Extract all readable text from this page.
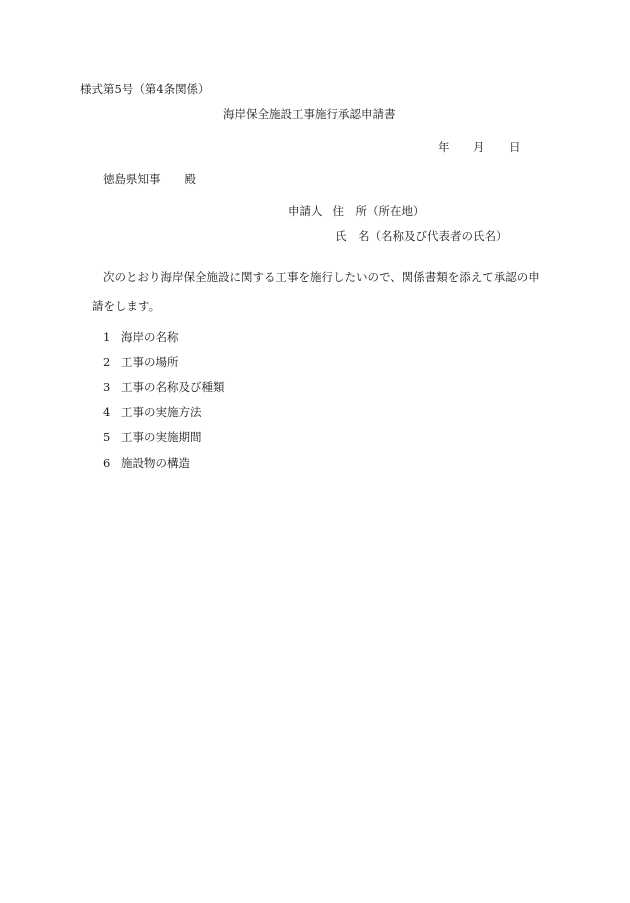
様式第5号（第4条関係）
海岸保全施設工事施行承認申請書
年 月 日
徳島県知事 殿
申請人 住　所（所在地）
氏　名（名称及び代表者の氏名）
次のとおり海岸保全施設に関する工事を施行したいので、関係書類を添えて承認の申
請をします。
1 海岸の名称
2 工事の場所
3 工事の名称及び種類
4 工事の実施方法
5 工事の実施期間
6 施設物の構造
